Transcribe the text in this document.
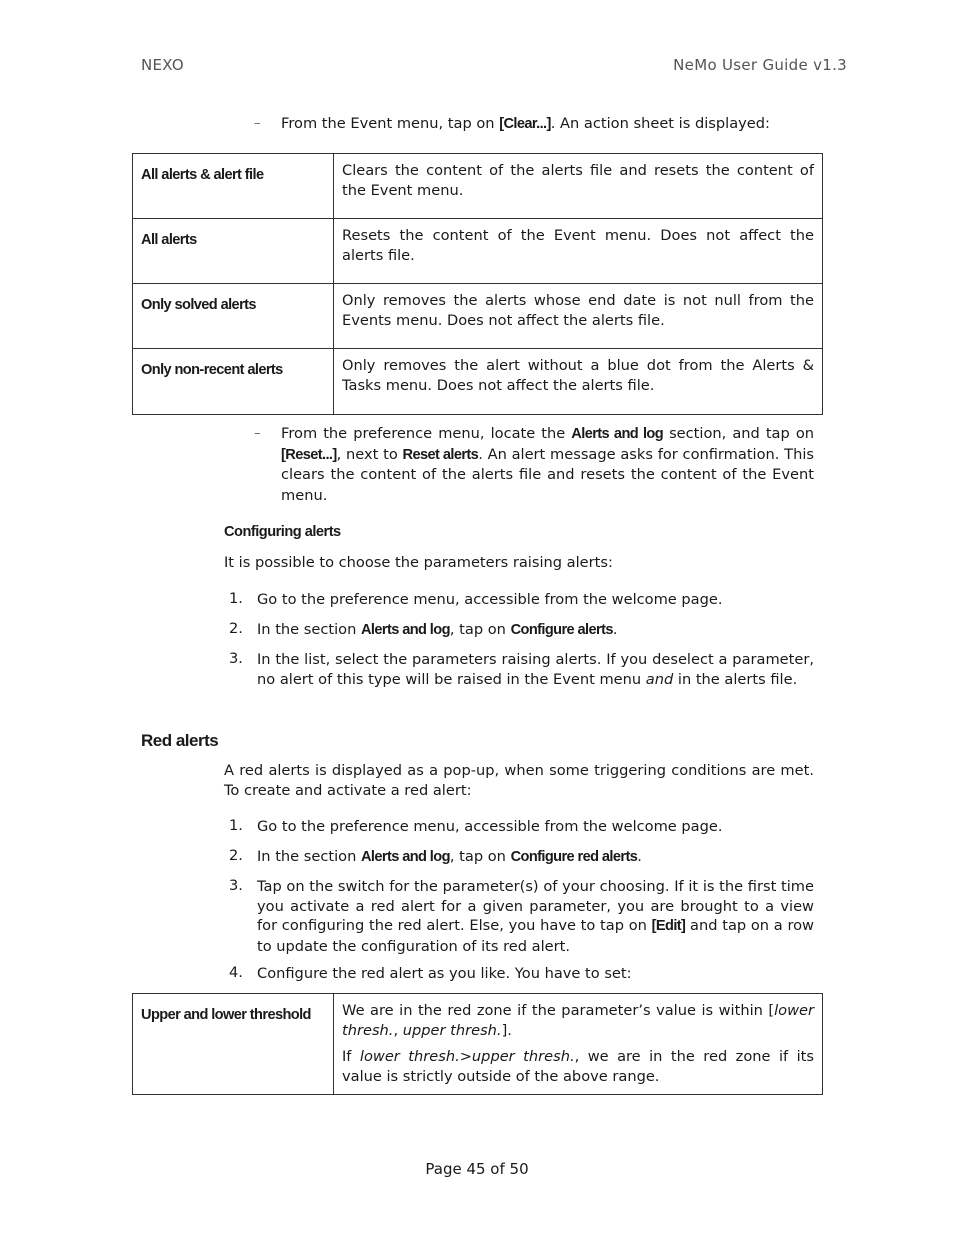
NEXO	NeMo User Guide v1.3
– From the Event menu, tap on [Clear...]. An action sheet is displayed:
All alerts & alert file	Clears the content of the alerts file and resets the content of the Event menu.
All alerts	Resets the content of the Event menu. Does not affect the alerts file.
Only solved alerts	Only removes the alerts whose end date is not null from the Events menu. Does not affect the alerts file.
Only non-recent alerts	Only removes the alert without a blue dot from the Alerts & Tasks menu. Does not affect the alerts file.
– From the preference menu, locate the Alerts and log section, and tap on [Reset...], next to Reset alerts. An alert message asks for confirmation. This clears the content of the alerts file and resets the content of the Event menu.
Configuring alerts
It is possible to choose the parameters raising alerts:
1. Go to the preference menu, accessible from the welcome page.
2. In the section Alerts and log, tap on Configure alerts.
3. In the list, select the parameters raising alerts. If you deselect a parameter, no alert of this type will be raised in the Event menu and in the alerts file.
Red alerts
A red alerts is displayed as a pop-up, when some triggering conditions are met. To create and activate a red alert:
1. Go to the preference menu, accessible from the welcome page.
2. In the section Alerts and log, tap on Configure red alerts.
3. Tap on the switch for the parameter(s) of your choosing. If it is the first time you activate a red alert for a given parameter, you are brought to a view for configuring the red alert. Else, you have to tap on [Edit] and tap on a row to update the configuration of its red alert.
4. Configure the red alert as you like. You have to set:
Upper and lower threshold	We are in the red zone if the parameter’s value is within [lower thresh., upper thresh.].
If lower thresh.>upper thresh., we are in the red zone if its value is strictly outside of the above range.
Page 45 of 50
